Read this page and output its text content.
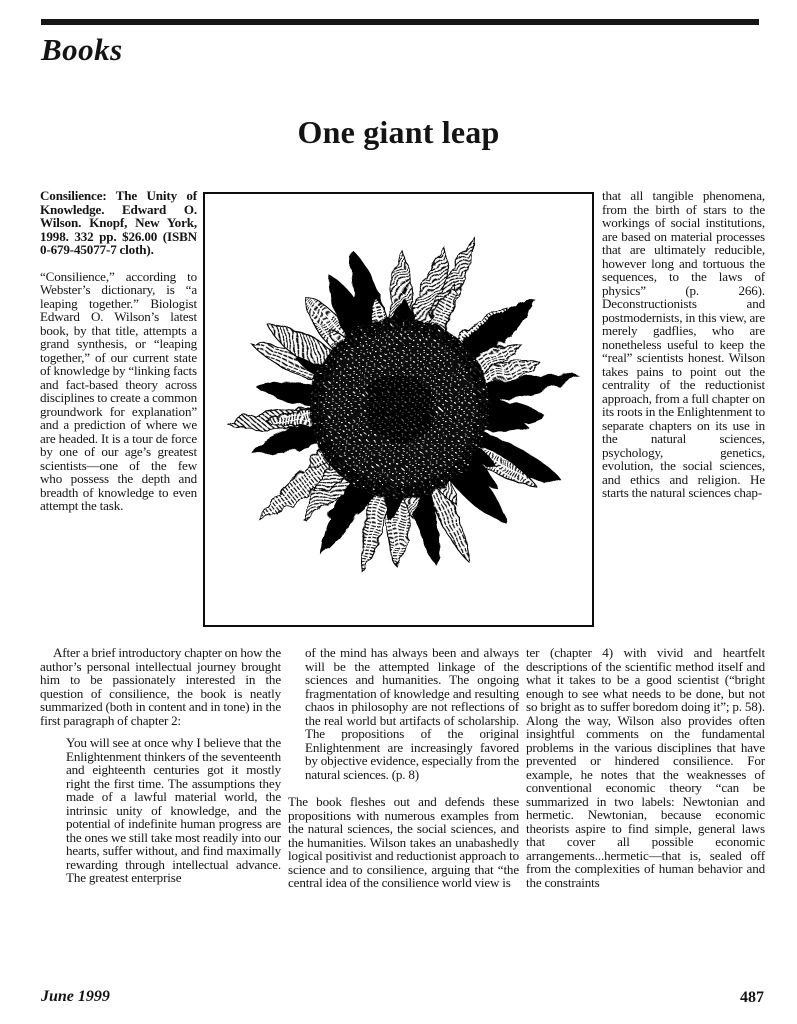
Books
One giant leap

Consilience: The Unity of Knowledge. Edward O. Wilson. Knopf, New York, 1998. 332 pp. $26.00 (ISBN 0-679-45077-7 cloth).

“Consilience,” according to Webster’s dictionary, is “a leaping together.” Biologist Edward O. Wilson’s latest book, by that title, attempts a grand synthesis, or “leaping together,” of our current state of knowledge by “linking facts and fact-based theory across disciplines to create a common groundwork for explanation” and a prediction of where we are headed. It is a tour de force by one of our age’s greatest scientists—one of the few who possess the depth and breadth of knowledge to even attempt the task.

that all tangible phenomena, from the birth of stars to the workings of social institutions, are based on material processes that are ultimately reducible, however long and tortuous the sequences, to the laws of physics” (p. 266). Deconstructionists and postmodernists, in this view, are merely gadflies, who are nonetheless useful to keep the “real” scientists honest. Wilson takes pains to point out the centrality of the reductionist approach, from a full chapter on its roots in the Enlightenment to separate chapters on its use in the natural sciences, psychology, genetics, evolution, the social sciences, and ethics and religion. He starts the natural sciences chap-

After a brief introductory chapter on how the author’s personal intellectual journey brought him to be passionately interested in the question of consilience, the book is neatly summarized (both in content and in tone) in the first paragraph of chapter 2:

You will see at once why I believe that the Enlightenment thinkers of the seventeenth and eighteenth centuries got it mostly right the first time. The assumptions they made of a lawful material world, the intrinsic unity of knowledge, and the potential of indefinite human progress are the ones we still take most readily into our hearts, suffer without, and find maximally rewarding through intellectual advance. The greatest enterprise

of the mind has always been and always will be the attempted linkage of the sciences and humanities. The ongoing fragmentation of knowledge and resulting chaos in philosophy are not reflections of the real world but artifacts of scholarship. The propositions of the original Enlightenment are increasingly favored by objective evidence, especially from the natural sciences. (p. 8)

The book fleshes out and defends these propositions with numerous examples from the natural sciences, the social sciences, and the humanities. Wilson takes an unabashedly logical positivist and reductionist approach to science and to consilience, arguing that “the central idea of the consilience world view is

ter (chapter 4) with vivid and heartfelt descriptions of the scientific method itself and what it takes to be a good scientist (“bright enough to see what needs to be done, but not so bright as to suffer boredom doing it”; p. 58). Along the way, Wilson also provides often insightful comments on the fundamental problems in the various disciplines that have prevented or hindered consilience. For example, he notes that the weaknesses of conventional economic theory “can be summarized in two labels: Newtonian and hermetic. Newtonian, because economic theorists aspire to find simple, general laws that cover all possible economic arrangements...hermetic—that is, sealed off from the complexities of human behavior and the constraints

June 1999	487
